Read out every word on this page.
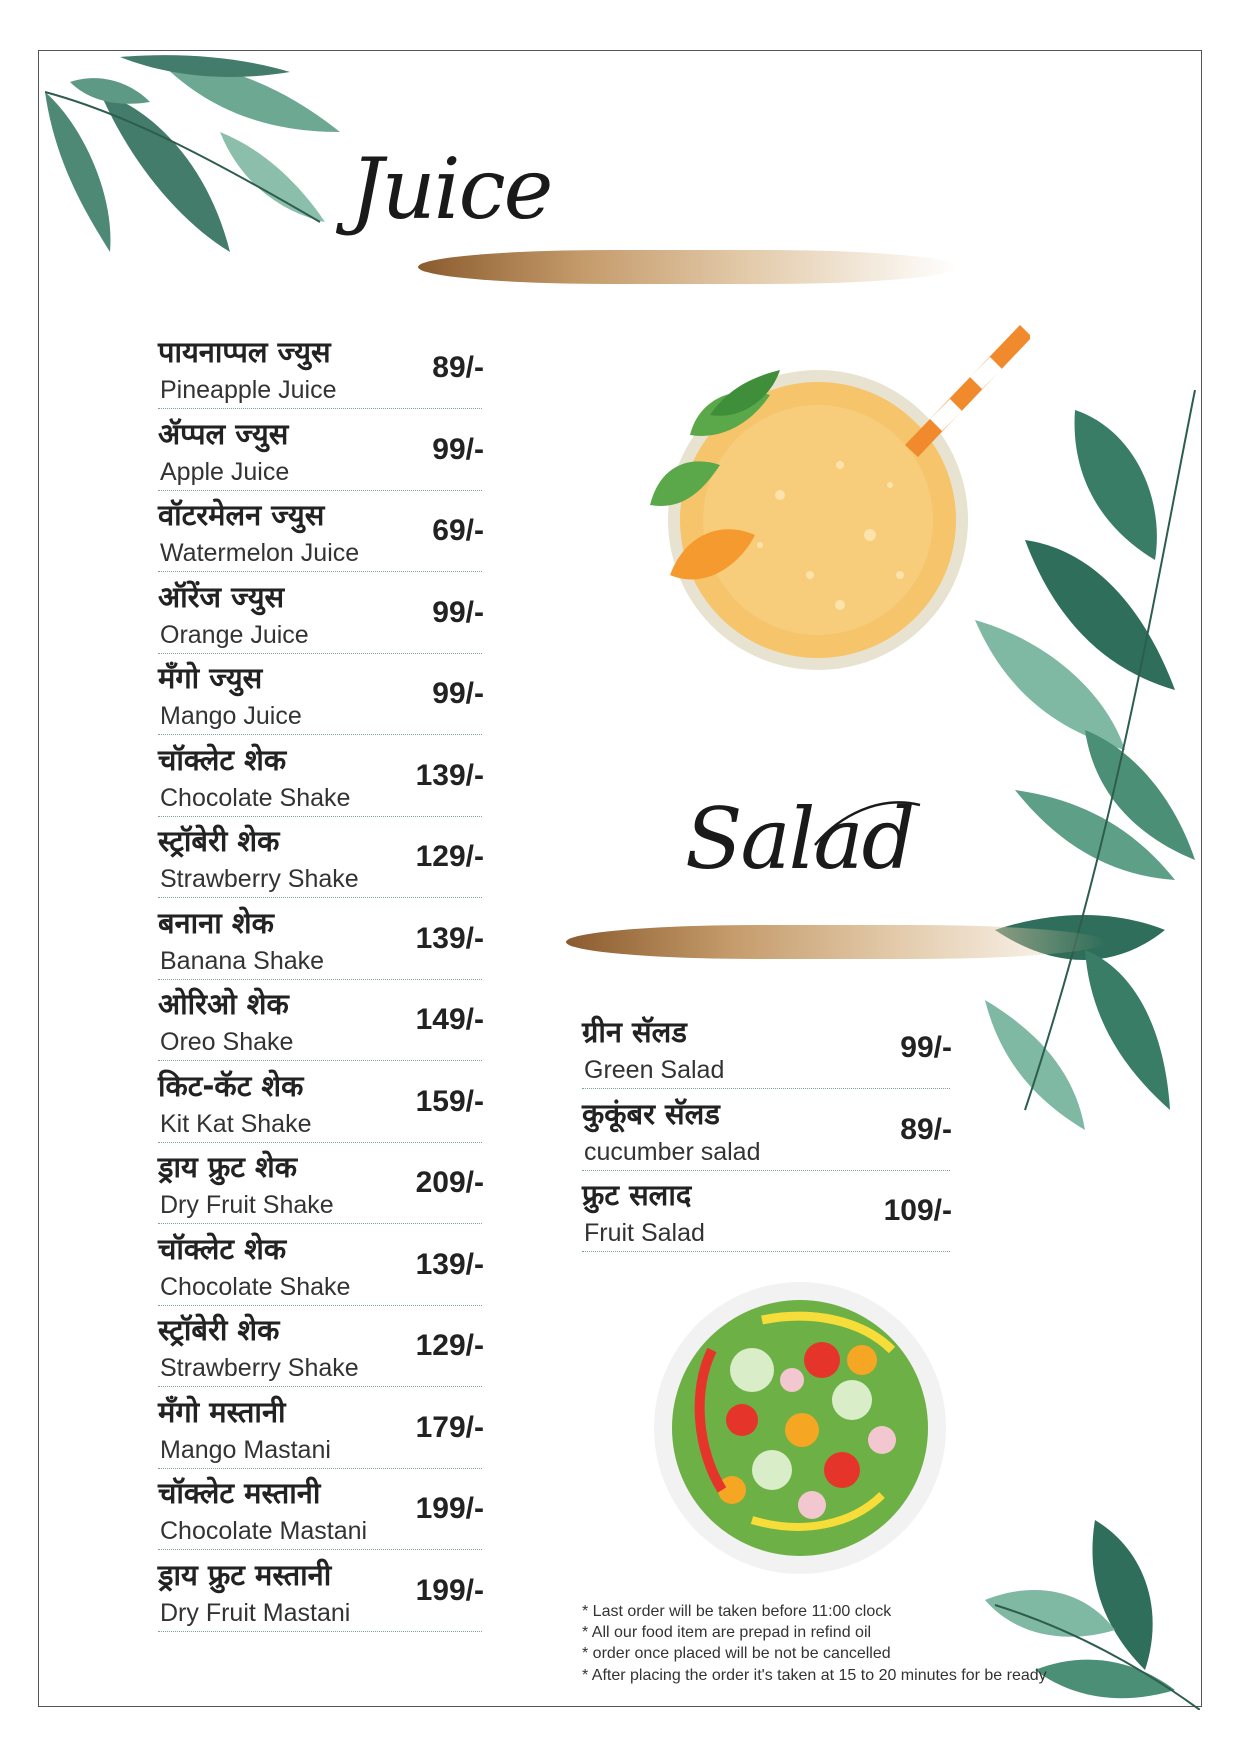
Juice
पायनाप्पल ज्युस
Pineapple Juice
89/-
ॲप्पल ज्युस
Apple Juice
99/-
वॉटरमेलन ज्युस
Watermelon Juice
69/-
ऑरेंज ज्युस
Orange Juice
99/-
मँगो ज्युस
Mango Juice
99/-
चॉक्लेट शेक
Chocolate Shake
139/-
स्ट्रॉबेरी शेक
Strawberry Shake
129/-
बनाना शेक
Banana Shake
139/-
ओरिओ शेक
Oreo Shake
149/-
किट-कॅट शेक
Kit Kat Shake
159/-
ड्राय फ्रुट शेक
Dry Fruit Shake
209/-
चॉक्लेट शेक
Chocolate Shake
139/-
स्ट्रॉबेरी शेक
Strawberry Shake
129/-
मँगो मस्तानी
Mango Mastani
179/-
चॉक्लेट मस्तानी
Chocolate Mastani
199/-
ड्राय फ्रुट मस्तानी
Dry Fruit Mastani
199/-
Salad
ग्रीन सॅलड
Green Salad
99/-
कुकूंबर सॅलड
cucumber salad
89/-
फ्रुट सलाद
Fruit Salad
109/-
* Last order will be taken before 11:00 clock
* All our food item are prepad in refind oil
* order once placed will be not be cancelled
* After placing the order it's taken at 15 to 20 minutes for be ready
